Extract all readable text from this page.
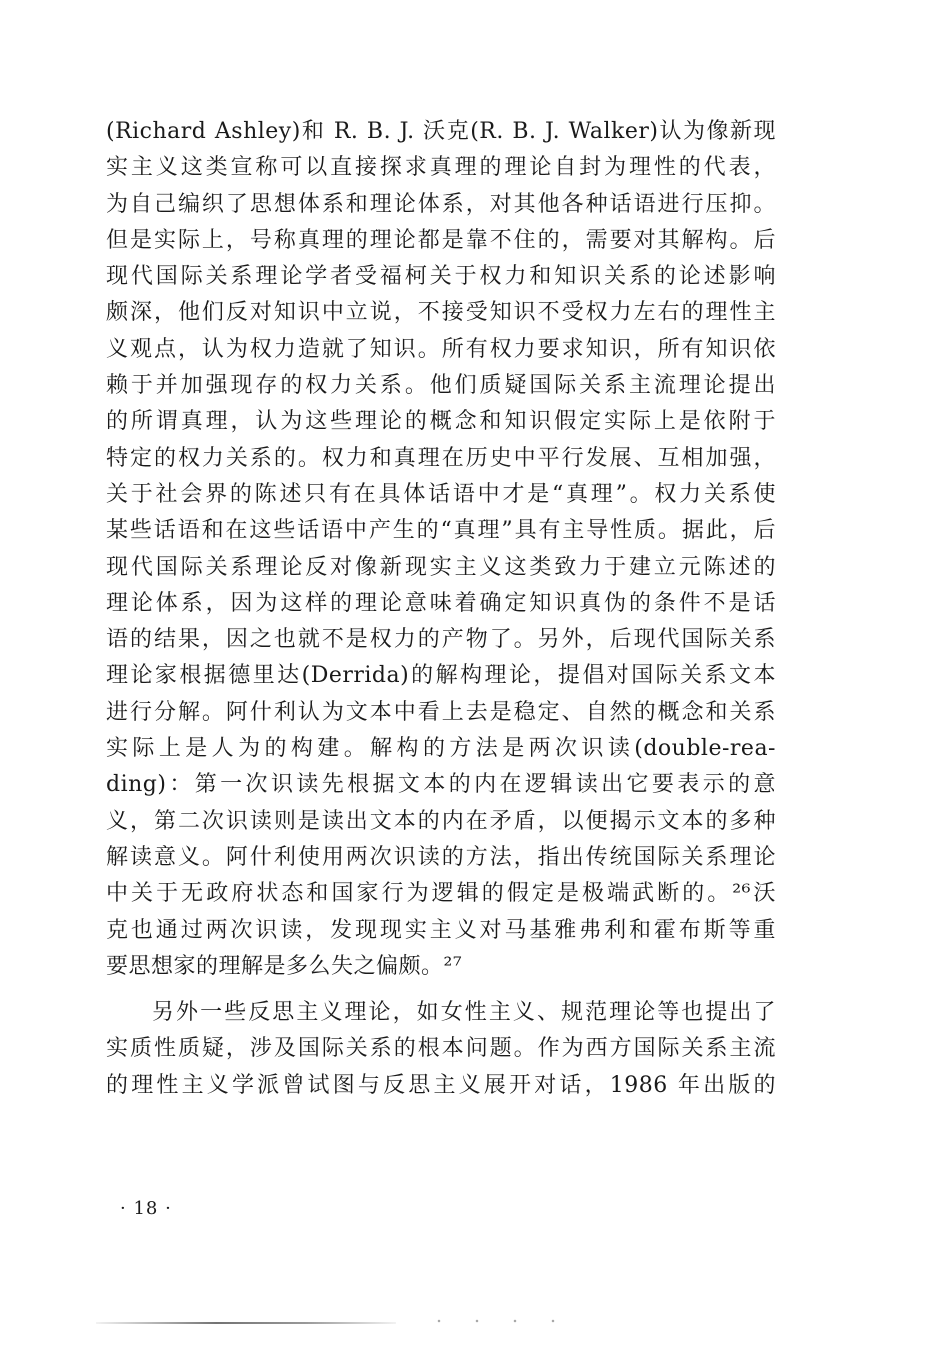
(Richard Ashley)和 R. B. J. 沃克(R. B. J. Walker)认为像新现
实主义这类宣称可以直接探求真理的理论自封为理性的代表，
为自己编织了思想体系和理论体系，对其他各种话语进行压抑。
但是实际上，号称真理的理论都是靠不住的，需要对其解构。后
现代国际关系理论学者受福柯关于权力和知识关系的论述影响
颇深，他们反对知识中立说，不接受知识不受权力左右的理性主
义观点，认为权力造就了知识。所有权力要求知识，所有知识依
赖于并加强现存的权力关系。他们质疑国际关系主流理论提出
的所谓真理，认为这些理论的概念和知识假定实际上是依附于
特定的权力关系的。权力和真理在历史中平行发展、互相加强，
关于社会界的陈述只有在具体话语中才是“真理”。权力关系使
某些话语和在这些话语中产生的“真理”具有主导性质。据此，后
现代国际关系理论反对像新现实主义这类致力于建立元陈述的
理论体系，因为这样的理论意味着确定知识真伪的条件不是话
语的结果，因之也就不是权力的产物了。另外，后现代国际关系
理论家根据德里达(Derrida)的解构理论，提倡对国际关系文本
进行分解。阿什利认为文本中看上去是稳定、自然的概念和关系
实际上是人为的构建。解构的方法是两次识读(double-rea-
ding)：第一次识读先根据文本的内在逻辑读出它要表示的意
义，第二次识读则是读出文本的内在矛盾，以便揭示文本的多种
解读意义。阿什利使用两次识读的方法，指出传统国际关系理论
中关于无政府状态和国家行为逻辑的假定是极端武断的。²⁶沃
克也通过两次识读，发现现实主义对马基雅弗利和霍布斯等重
要思想家的理解是多么失之偏颇。²⁷
另外一些反思主义理论，如女性主义、规范理论等也提出了
实质性质疑，涉及国际关系的根本问题。作为西方国际关系主流
的理性主义学派曾试图与反思主义展开对话，1986 年出版的
· 18 ·
